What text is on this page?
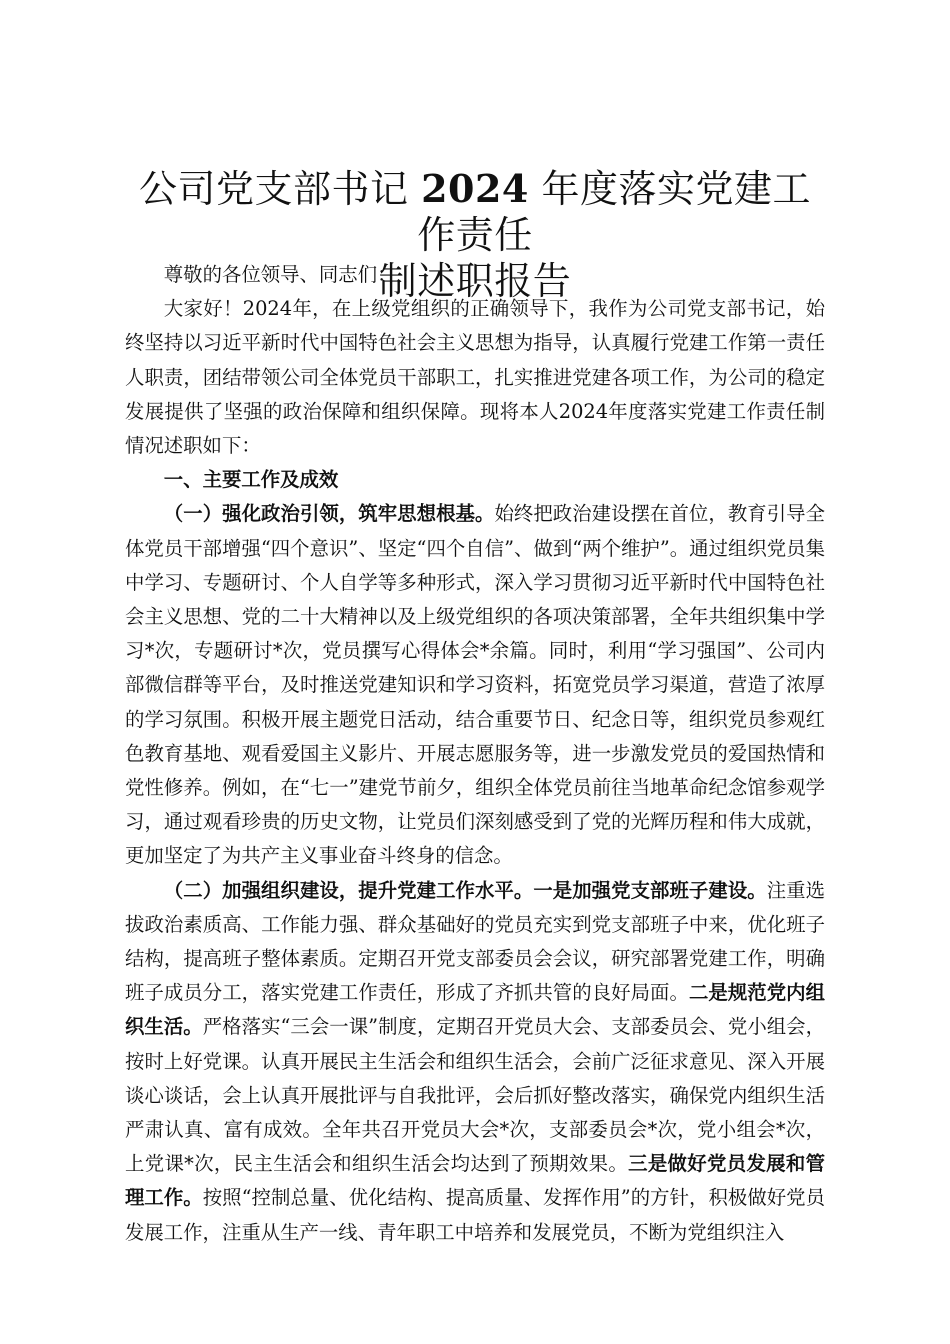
公司党支部书记 2024 年度落实党建工作责任
制述职报告

尊敬的各位领导、同志们：

大家好！2024年，在上级党组织的正确领导下，我作为公司党支部书记，始终坚持以习近平新时代中国特色社会主义思想为指导，认真履行党建工作第一责任人职责，团结带领公司全体党员干部职工，扎实推进党建各项工作，为公司的稳定发展提供了坚强的政治保障和组织保障。现将本人2024年度落实党建工作责任制情况述职如下：

一、主要工作及成效

（一）强化政治引领，筑牢思想根基。始终把政治建设摆在首位，教育引导全体党员干部增强“四个意识”、坚定“四个自信”、做到“两个维护”。通过组织党员集中学习、专题研讨、个人自学等多种形式，深入学习贯彻习近平新时代中国特色社会主义思想、党的二十大精神以及上级党组织的各项决策部署，全年共组织集中学习*次，专题研讨*次，党员撰写心得体会*余篇。同时，利用“学习强国”、公司内部微信群等平台，及时推送党建知识和学习资料，拓宽党员学习渠道，营造了浓厚的学习氛围。积极开展主题党日活动，结合重要节日、纪念日等，组织党员参观红色教育基地、观看爱国主义影片、开展志愿服务等，进一步激发党员的爱国热情和党性修养。例如，在“七一”建党节前夕，组织全体党员前往当地革命纪念馆参观学习，通过观看珍贵的历史文物，让党员们深刻感受到了党的光辉历程和伟大成就，更加坚定了为共产主义事业奋斗终身的信念。

（二）加强组织建设，提升党建工作水平。一是加强党支部班子建设。注重选拔政治素质高、工作能力强、群众基础好的党员充实到党支部班子中来，优化班子结构，提高班子整体素质。定期召开党支部委员会会议，研究部署党建工作，明确班子成员分工，落实党建工作责任，形成了齐抓共管的良好局面。二是规范党内组织生活。严格落实“三会一课”制度，定期召开党员大会、支部委员会、党小组会，按时上好党课。认真开展民主生活会和组织生活会，会前广泛征求意见、深入开展谈心谈话，会上认真开展批评与自我批评，会后抓好整改落实，确保党内组织生活严肃认真、富有成效。全年共召开党员大会*次，支部委员会*次，党小组会*次，上党课*次，民主生活会和组织生活会均达到了预期效果。三是做好党员发展和管理工作。按照“控制总量、优化结构、提高质量、发挥作用”的方针，积极做好党员发展工作，注重从生产一线、青年职工中培养和发展党员，不断为党组织注入
